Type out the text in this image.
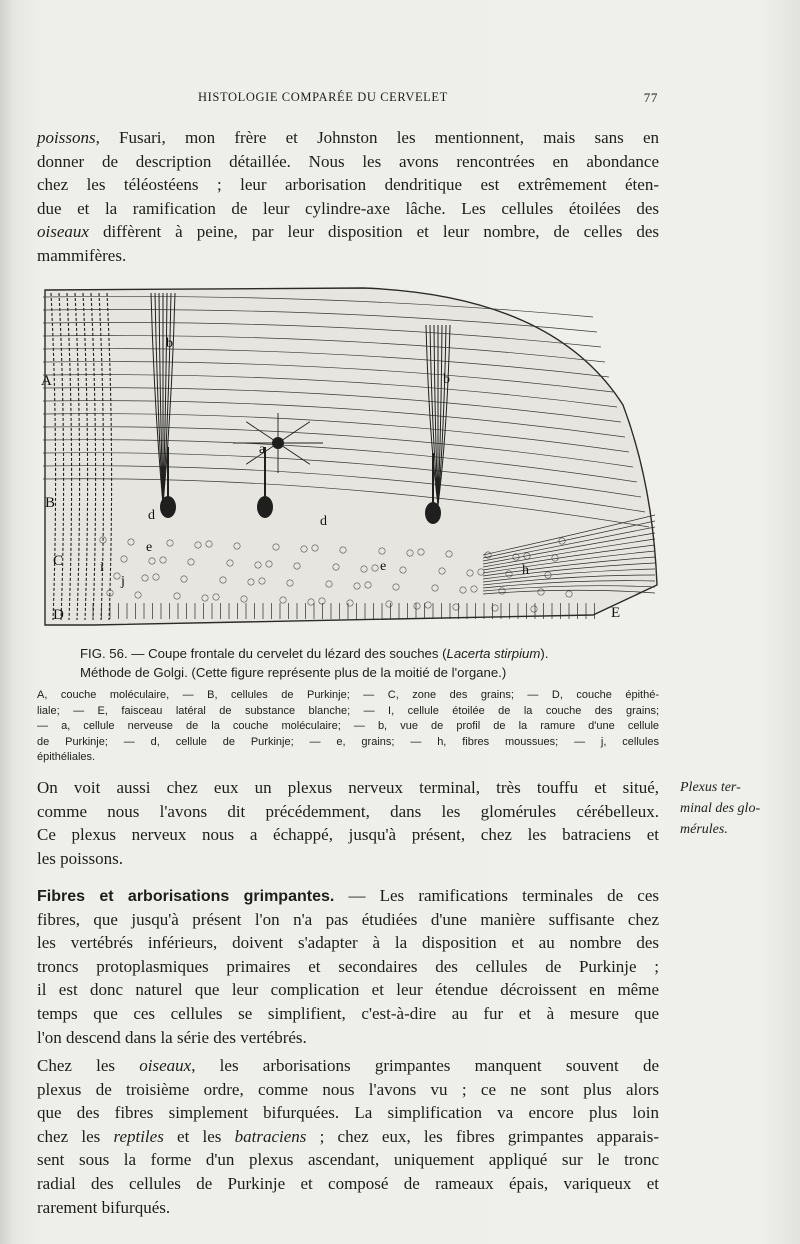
HISTOLOGIE COMPARÉE DU CERVELET	77
poissons, Fusari, mon frère et Johnston les mentionnent, mais sans en
donner de description détaillée. Nous les avons rencontrées en abondance
chez les téléostéens ; leur arborisation dendritique est extrêmement éten-
due et la ramification de leur cylindre-axe lâche. Les cellules étoilées des
oiseaux diffèrent à peine, par leur disposition et leur nombre, de celles des
mammifères.
A
B
C
D	E
b
b
a
d	d
e
e	h
i
j
FIG. 56. — Coupe frontale du cervelet du lézard des souches (Lacerta stirpium).
Méthode de Golgi. (Cette figure représente plus de la moitié de l'organe.)
A, couche moléculaire, — B, cellules de Purkinje; — C, zone des grains; — D, couche épithé-
liale; — E, faisceau latéral de substance blanche; — I, cellule étoilée de la couche des grains;
— a, cellule nerveuse de la couche moléculaire; — b, vue de profil de la ramure d'une cellule
de Purkinje; — d, cellule de Purkinje; — e, grains; — h, fibres moussues; — j, cellules
épithéliales.
On voit aussi chez eux un plexus nerveux terminal, très touffu et situé,
comme nous l'avons dit précédemment, dans les glomérules cérébelleux.
Ce plexus nerveux nous a échappé, jusqu'à présent, chez les batraciens et
les poissons.
Plexus ter-
minal des glo-
mérules.
Fibres et arborisations grimpantes. — Les ramifications terminales de ces
fibres, que jusqu'à présent l'on n'a pas étudiées d'une manière suffisante chez
les vertébrés inférieurs, doivent s'adapter à la disposition et au nombre des
troncs protoplasmiques primaires et secondaires des cellules de Purkinje ;
il est donc naturel que leur complication et leur étendue décroissent en même
temps que ces cellules se simplifient, c'est-à-dire au fur et à mesure que
l'on descend dans la série des vertébrés.
Chez les oiseaux, les arborisations grimpantes manquent souvent de
plexus de troisième ordre, comme nous l'avons vu ; ce ne sont plus alors
que des fibres simplement bifurquées. La simplification va encore plus loin
chez les reptiles et les batraciens ; chez eux, les fibres grimpantes apparais-
sent sous la forme d'un plexus ascendant, uniquement appliqué sur le tronc
radial des cellules de Purkinje et composé de rameaux épais, variqueux et
rarement bifurqués.
